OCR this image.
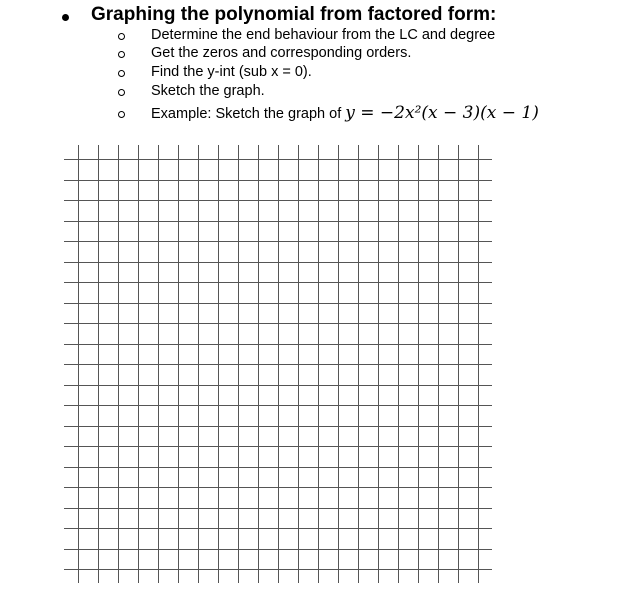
Graphing the polynomial from factored form:
Determine the end behaviour from the LC and degree
Get the zeros and corresponding orders.
Find the y-int (sub x = 0).
Sketch the graph.
Example: Sketch the graph of y = −2x²(x − 3)(x − 1)
